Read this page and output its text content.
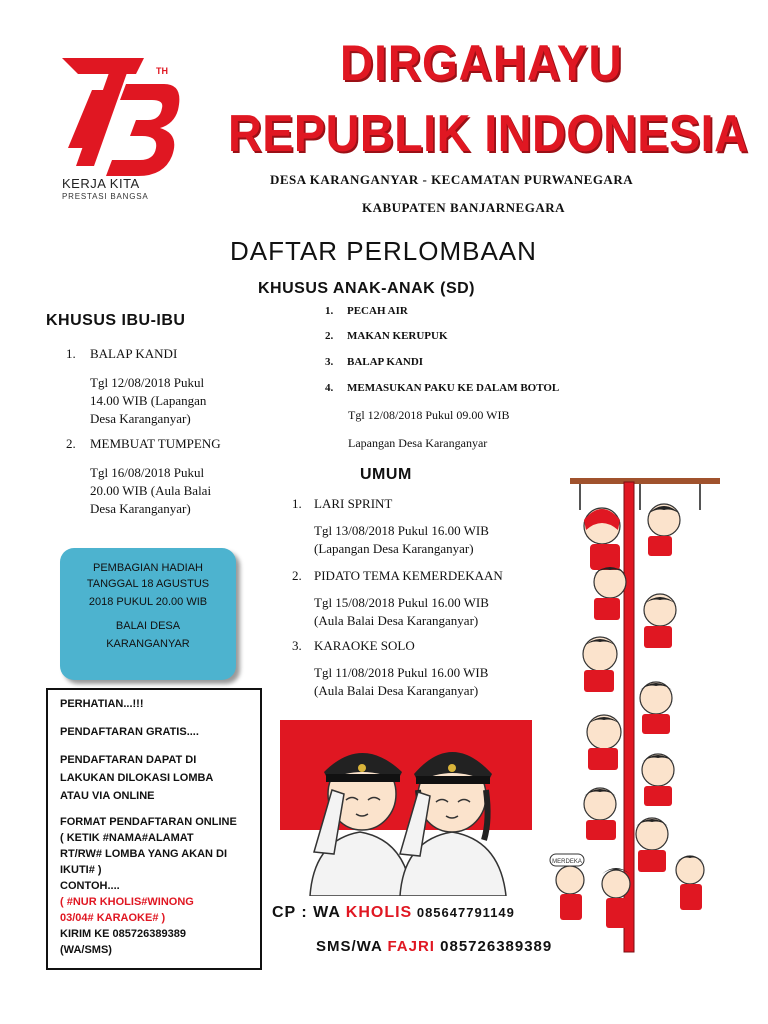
TH
KERJA KITA
PRESTASI BANGSA
DIRGAHAYU
REPUBLIK INDONESIA
DESA KARANGANYAR - KECAMATAN PURWANEGARA
KABUPATEN BANJARNEGARA
DAFTAR PERLOMBAAN
KHUSUS ANAK-ANAK (SD)
1. PECAH AIR
2. MAKAN KERUPUK
3. BALAP KANDI
4. MEMASUKAN PAKU KE DALAM BOTOL
Tgl 12/08/2018 Pukul 09.00 WIB
Lapangan Desa Karanganyar
KHUSUS IBU-IBU
1. BALAP KANDI
Tgl 12/08/2018 Pukul
14.00 WIB (Lapangan
Desa Karanganyar)
2. MEMBUAT TUMPENG
Tgl 16/08/2018 Pukul
20.00 WIB (Aula Balai
Desa Karanganyar)

PEMBAGIAN HADIAH

TANGGAL 18 AGUSTUS

2018 PUKUL 20.00 WIB

BALAI DESA

KARANGANYAR

PERHATIAN...!!!
PENDAFTARAN GRATIS....
PENDAFTARAN DAPAT DI
LAKUKAN DILOKASI LOMBA
ATAU VIA ONLINE
FORMAT PENDAFTARAN ONLINE
( KETIK #NAMA#ALAMAT
RT/RW# LOMBA YANG AKAN DI
IKUTI# )
CONTOH....
( #NUR KHOLIS#WINONG
03/04# KARAOKE# )
KIRIM KE 085726389389
(WA/SMS)
UMUM
1. LARI SPRINT
Tgl 13/08/2018 Pukul 16.00 WIB
(Lapangan Desa Karanganyar)
2. PIDATO TEMA KEMERDEKAAN
Tgl 15/08/2018 Pukul 16.00 WIB
(Aula Balai Desa Karanganyar)
3. KARAOKE SOLO
Tgl 11/08/2018 Pukul 16.00 WIB
(Aula Balai Desa Karanganyar)
MERDEKA
CP : WA KHOLIS 085647791149
SMS/WA FAJRI 085726389389
